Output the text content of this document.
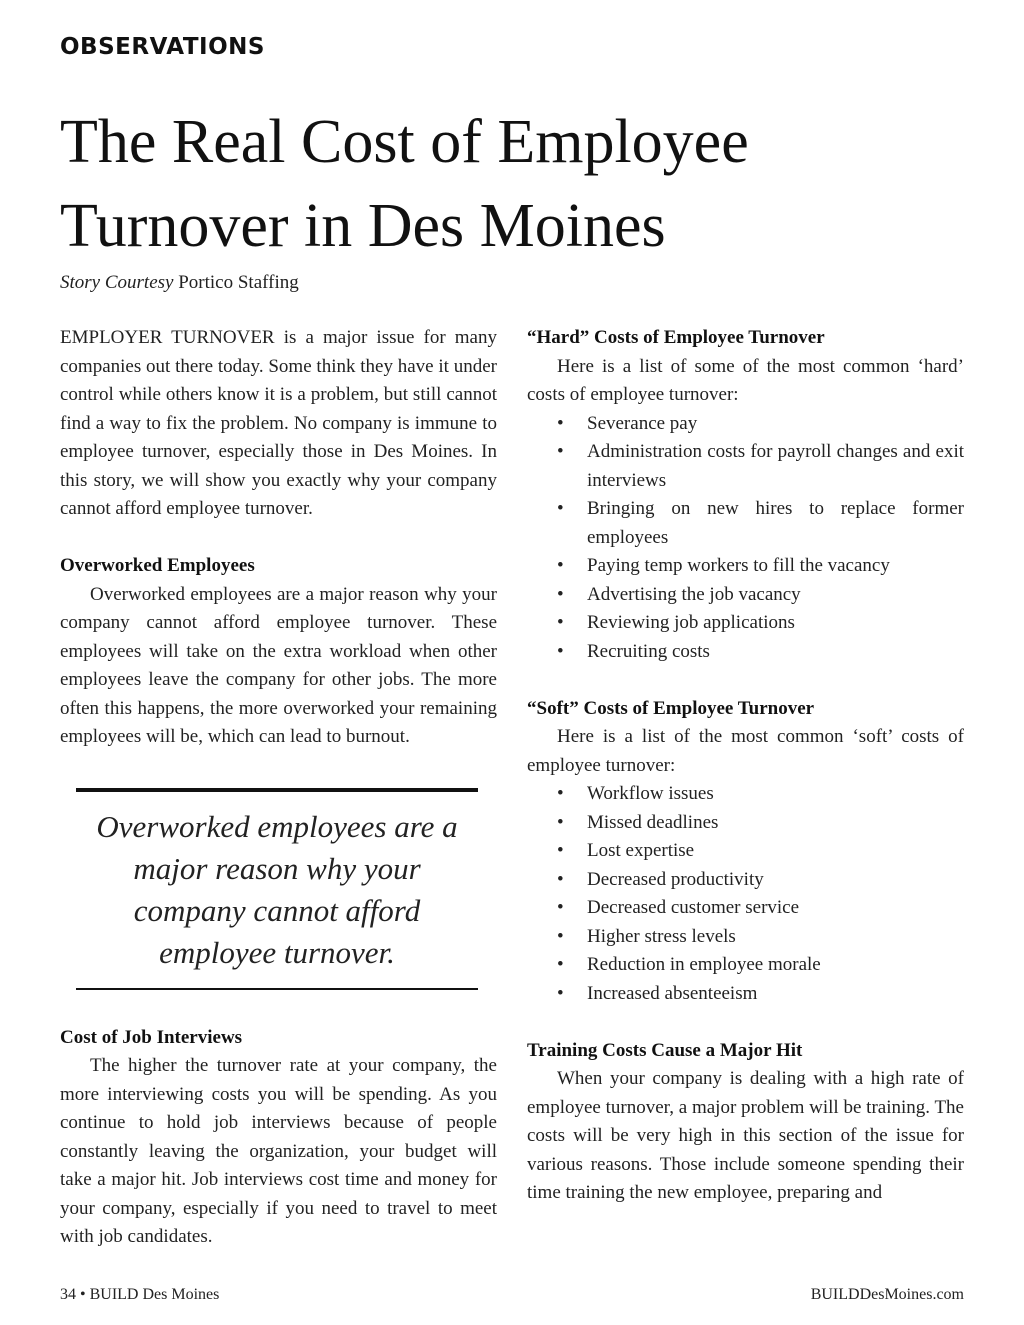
OBSERVATIONS
The Real Cost of Employee Turnover in Des Moines
Story Courtesy Portico Staffing

EMPLOYER TURNOVER is a major issue for many companies out there today. Some think they have it under control while others know it is a problem, but still cannot find a way to fix the problem. No company is immune to employee turnover, especially those in Des Moines. In this story, we will show you exactly why your company cannot afford employee turnover.

Overworked Employees

Overworked employees are a major reason why your company cannot afford employee turnover. These employees will take on the extra workload when other employees leave the company for other jobs. The more often this happens, the more overworked your remaining employees will be, which can lead to burnout.

Overworked employees are a major reason why your company cannot afford employee turnover.
Cost of Job Interviews

The higher the turnover rate at your company, the more interviewing costs you will be spending. As you continue to hold job interviews because of people constantly leaving the organization, your budget will take a major hit. Job interviews cost time and money for your company, especially if you need to travel to meet with job candidates.

“Hard” Costs of Employee Turnover

Here is a list of some of the most common ‘hard’ costs of employee turnover:

• Severance pay
• Administration costs for payroll changes and exit interviews
• Bringing on new hires to replace former employees
• Paying temp workers to fill the vacancy
• Advertising the job vacancy
• Reviewing job applications
• Recruiting costs
“Soft” Costs of Employee Turnover

Here is a list of the most common ‘soft’ costs of employee turnover:

• Workflow issues
• Missed deadlines
• Lost expertise
• Decreased productivity
• Decreased customer service
• Higher stress levels
• Reduction in employee morale
• Increased absenteeism
Training Costs Cause a Major Hit

When your company is dealing with a high rate of employee turnover, a major problem will be training. The costs will be very high in this section of the issue for various reasons. Those include someone spending their time training the new employee, preparing and

34 • BUILD Des Moines	BUILDDesMoines.com
